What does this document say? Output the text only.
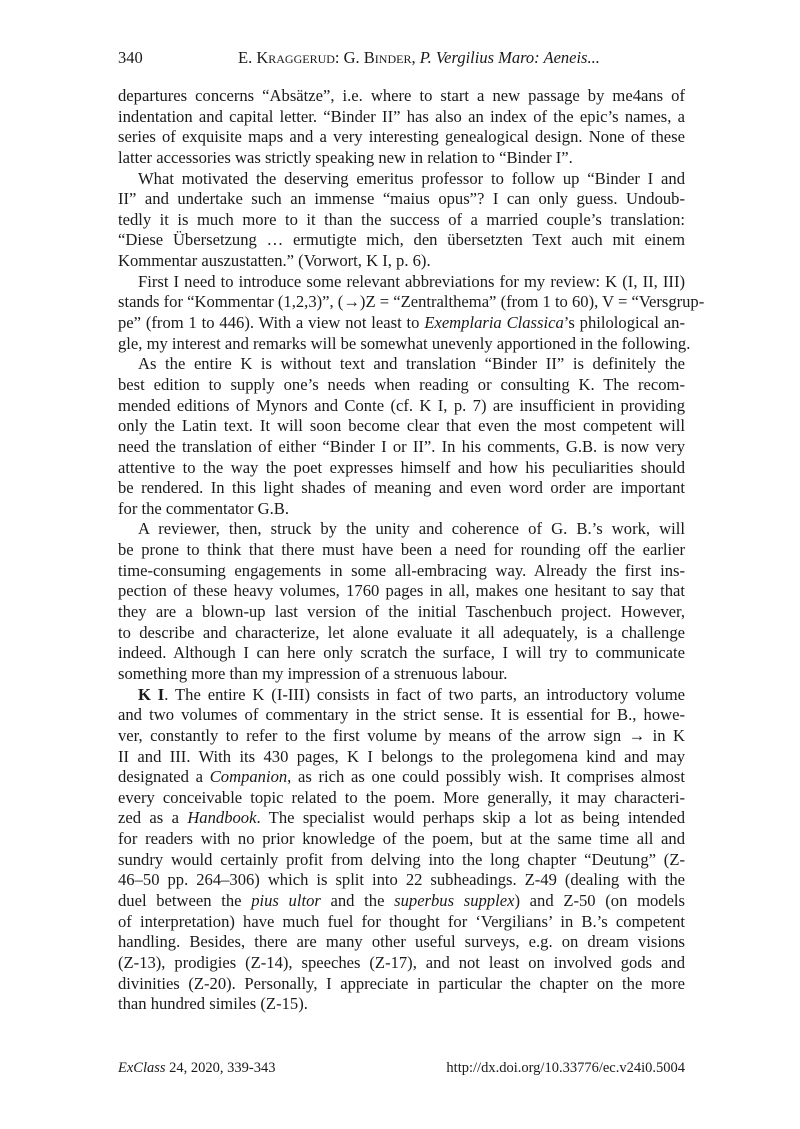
340	E. Kraggerud: G. Binder, P. Vergilius Maro: Aeneis...
departures concerns “Absätze”, i.e. where to start a new passage by me4ans of
indentation and capital letter. “Binder II” has also an index of the epic’s names, a
series of exquisite maps and a very interesting genealogical design. None of these
latter accessories was strictly speaking new in relation to “Binder I”.
What motivated the deserving emeritus professor to follow up “Binder I and
II” and undertake such an immense “maius opus”? I can only guess. Undoub-
tedly it is much more to it than the success of a married couple’s translation:
“Diese Übersetzung … ermutigte mich, den übersetzten Text auch mit einem
Kommentar auszustatten.” (Vorwort, K I, p. 6).
First I need to introduce some relevant abbreviations for my review: K (I, II, III)
stands for “Kommentar (1,2,3)”, (→)Z = “Zentralthema” (from 1 to 60), V = “Versgrup-
pe” (from 1 to 446). With a view not least to Exemplaria Classica’s philological an-
gle, my interest and remarks will be somewhat unevenly apportioned in the following.
As the entire K is without text and translation “Binder II” is definitely the
best edition to supply one’s needs when reading or consulting K. The recom-
mended editions of Mynors and Conte (cf. K I, p. 7) are insufficient in providing
only the Latin text. It will soon become clear that even the most competent will
need the translation of either “Binder I or II”. In his comments, G.B. is now very
attentive to the way the poet expresses himself and how his peculiarities should
be rendered. In this light shades of meaning and even word order are important
for the commentator G.B.
A reviewer, then, struck by the unity and coherence of G. B.’s work, will
be prone to think that there must have been a need for rounding off the earlier
time-consuming engagements in some all-embracing way. Already the first ins-
pection of these heavy volumes, 1760 pages in all, makes one hesitant to say that
they are a blown-up last version of the initial Taschenbuch project. However,
to describe and characterize, let alone evaluate it all adequately, is a challenge
indeed. Although I can here only scratch the surface, I will try to communicate
something more than my impression of a strenuous labour.
K I. The entire K (I-III) consists in fact of two parts, an introductory volume
and two volumes of commentary in the strict sense. It is essential for B., howe-
ver, constantly to refer to the first volume by means of the arrow sign → in K
II and III. With its 430 pages, K I belongs to the prolegomena kind and may
designated a Companion, as rich as one could possibly wish. It comprises almost
every conceivable topic related to the poem. More generally, it may characteri-
zed as a Handbook. The specialist would perhaps skip a lot as being intended
for readers with no prior knowledge of the poem, but at the same time all and
sundry would certainly profit from delving into the long chapter “Deutung” (Z-
46–50 pp. 264–306) which is split into 22 subheadings. Z-49 (dealing with the
duel between the pius ultor and the superbus supplex) and Z-50 (on models
of interpretation) have much fuel for thought for ‘Vergilians’ in B.’s competent
handling. Besides, there are many other useful surveys, e.g. on dream visions
(Z-13), prodigies (Z-14), speeches (Z-17), and not least on involved gods and
divinities (Z-20). Personally, I appreciate in particular the chapter on the more
than hundred similes (Z-15).
ExClass 24, 2020, 339-343	http://dx.doi.org/10.33776/ec.v24i0.5004
